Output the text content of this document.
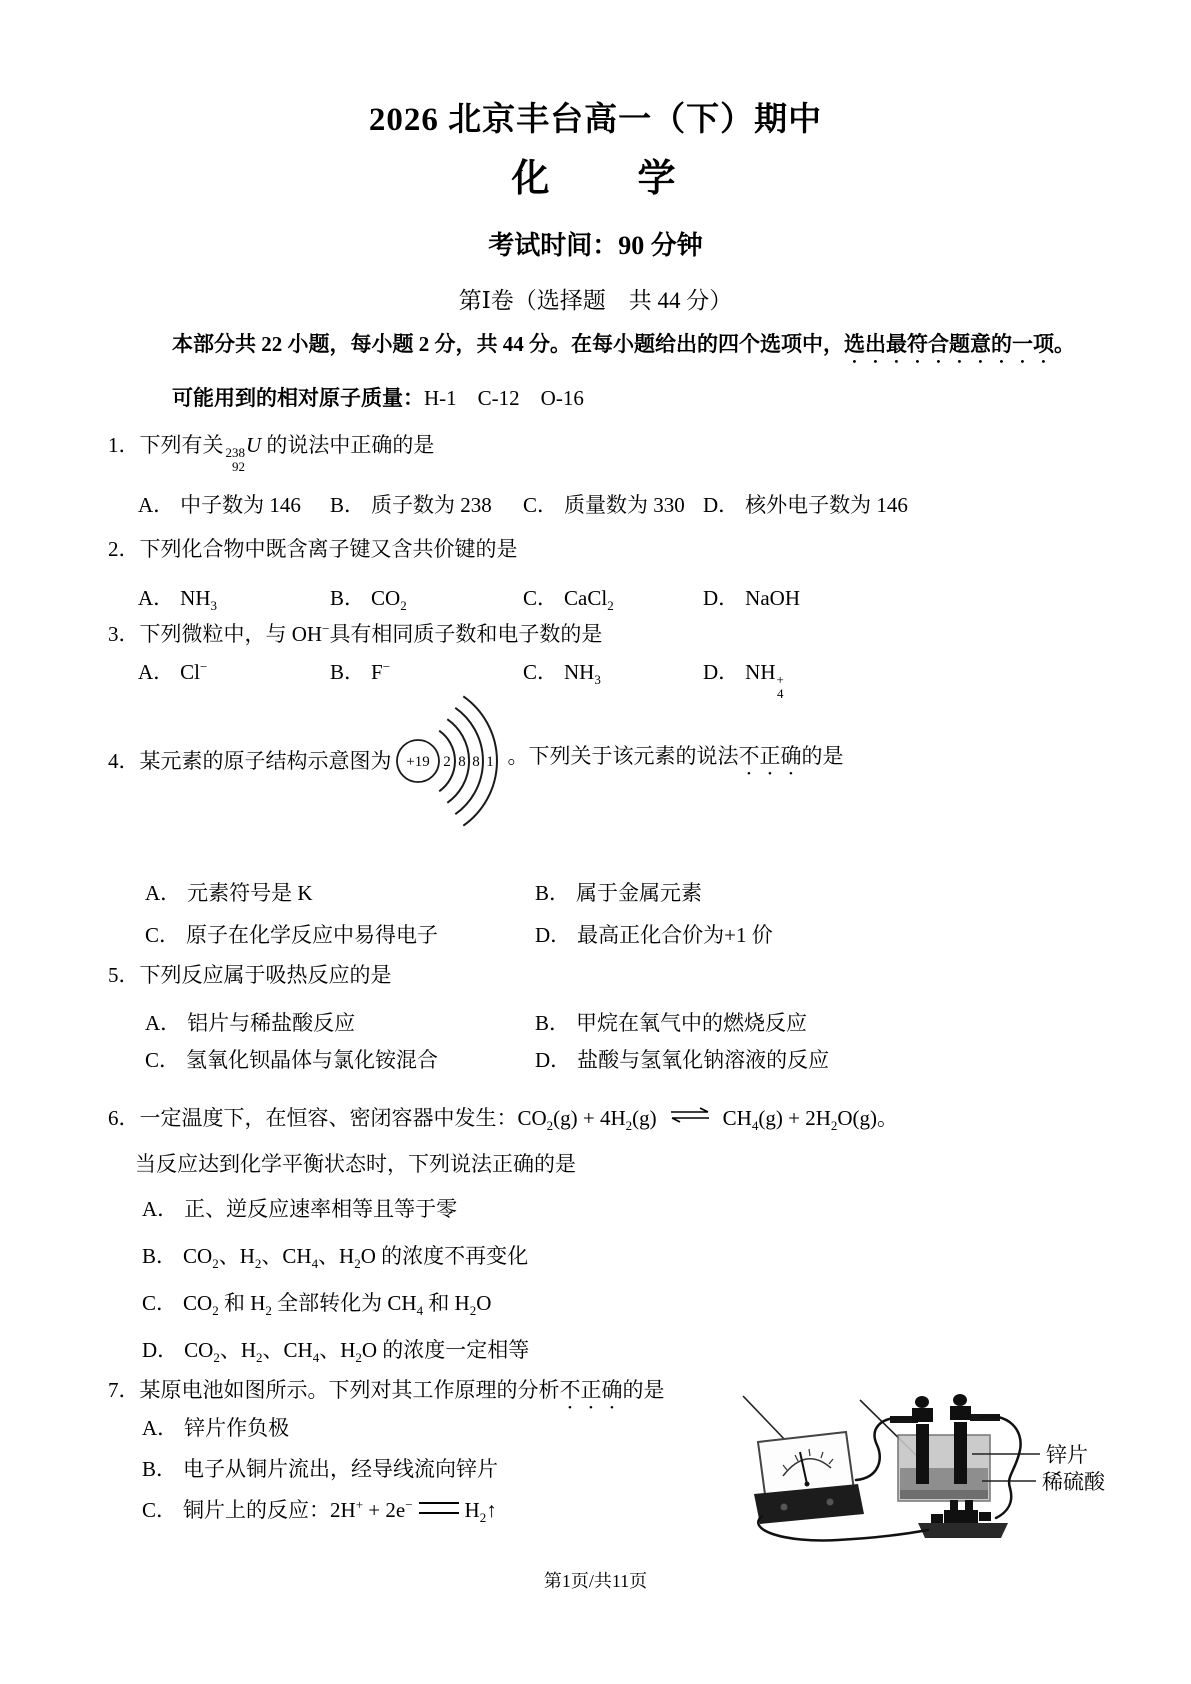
2026 北京丰台高一（下）期中
化　　学
考试时间：90 分钟
第Ⅰ卷（选择题　共 44 分）
本部分共 22 小题，每小题 2 分，共 44 分。在每小题给出的四个选项中，选出最符合题意的一项。
可能用到的相对原子质量：H-1　C-12　O-16
1．下列有关 238
92
U 的说法中正确的是
A． 中子数为 146 B． 质子数为 238 C． 质量数为 330 D． 核外电子数为 146
2．下列化合物中既含离子键又含共价键的是
A． $NH_3$	B． $CO_2$	C． CaCl$_2$	D． NaOH
3．下列微粒中，与 OH−具有相同质子数和电子数的是
A． Cl−	B． F−	C． $NH_3$	D． NH +
4
4． 某元素的原子结构示意图为 +19 2 8 8 1 。下列关于该元素的说法不正确的是
A． 元素符号是 K	B． 属于金属元素
C． 原子在化学反应中易得电子	D． 最高正化合价为+1 价
5．下列反应属于吸热反应的是
A． 铝片与稀盐酸反应	B． 甲烷在氧气中的燃烧反应
C． 氢氧化钡晶体与氯化铵混合	D． 盐酸与氢氧化钠溶液的反应
6．一定温度下，在恒容、密闭容器中发生：$CO_2(g) + 4H_2(g)$ ⇌ $CH_4(g) + 2H_2O(g)$。
当反应达到化学平衡状态时，下列说法正确的是
A． 正、逆反应速率相等且等于零
B． $CO_2$、$H_2$、$CH_4$、$H_2O$ 的浓度不再变化
C． $CO_2$ 和 $H_2$ 全部转化为 $CH_4$ 和 $H_2O$
D． $CO_2$、$H_2$、$CH_4$、$H_2O$ 的浓度一定相等
7．某原电池如图所示。下列对其工作原理的分析不正确的是
A． 锌片作负极
B． 电子从铜片流出，经导线流向锌片
C． 铜片上的反应：2H+ + 2e− $H_2↑$
锌片
稀硫酸
第1页/共11页
